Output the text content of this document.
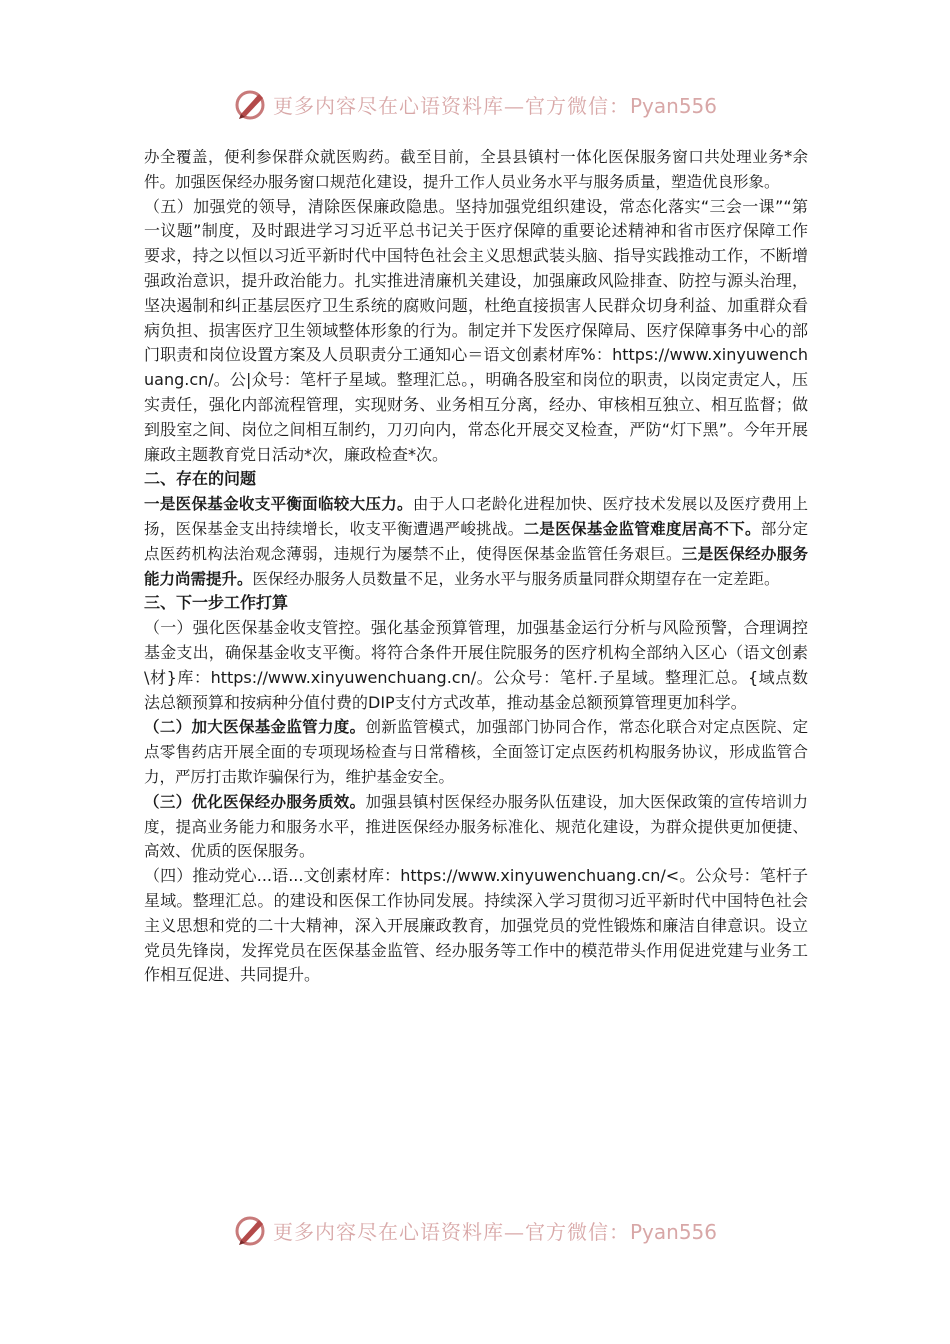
更多内容尽在心语资料库—官方微信：Pyan556

办全覆盖，便利参保群众就医购药。截至目前，全县县镇村一体化医保服务窗口共处理业务*余件。加强医保经办服务窗口规范化建设，提升工作人员业务水平与服务质量，塑造优良形象。

（五）加强党的领导，清除医保廉政隐患。坚持加强党组织建设，常态化落实“三会一课”“第一议题”制度，及时跟进学习习近平总书记关于医疗保障的重要论述精神和省市医疗保障工作要求，持之以恒以习近平新时代中国特色社会主义思想武装头脑、指导实践推动工作，不断增强政治意识，提升政治能力。扎实推进清廉机关建设，加强廉政风险排查、防控与源头治理，坚决遏制和纠正基层医疗卫生系统的腐败问题，杜绝直接损害人民群众切身利益、加重群众看病负担、损害医疗卫生领域整体形象的行为。制定并下发医疗保障局、医疗保障事务中心的部门职责和岗位设置方案及人员职责分工通知心＝语文创素材库%：https://www.xinyuwenchuang.cn/。公|众号：笔杆子星域。整理汇总。，明确各股室和岗位的职责，以岗定责定人，压实责任，强化内部流程管理，实现财务、业务相互分离，经办、审核相互独立、相互监督；做到股室之间、岗位之间相互制约，刀刃向内，常态化开展交叉检查，严防“灯下黑”。今年开展廉政主题教育党日活动*次，廉政检查*次。

二、存在的问题

一是医保基金收支平衡面临较大压力。由于人口老龄化进程加快、医疗技术发展以及医疗费用上扬，医保基金支出持续增长，收支平衡遭遇严峻挑战。二是医保基金监管难度居高不下。部分定点医药机构法治观念薄弱，违规行为屡禁不止，使得医保基金监管任务艰巨。三是医保经办服务能力尚需提升。医保经办服务人员数量不足，业务水平与服务质量同群众期望存在一定差距。

三、下一步工作打算

（一）强化医保基金收支管控。强化基金预算管理，加强基金运行分析与风险预警，合理调控基金支出，确保基金收支平衡。将符合条件开展住院服务的医疗机构全部纳入区心（语文创素\材}库：https://www.xinyuwenchuang.cn/。公众号：笔杆.子星域。整理汇总。{域点数法总额预算和按病种分值付费的DIP支付方式改革，推动基金总额预算管理更加科学。

（二）加大医保基金监管力度。创新监管模式，加强部门协同合作，常态化联合对定点医院、定点零售药店开展全面的专项现场检查与日常稽核，全面签订定点医药机构服务协议，形成监管合力，严厉打击欺诈骗保行为，维护基金安全。

（三）优化医保经办服务质效。加强县镇村医保经办服务队伍建设，加大医保政策的宣传培训力度，提高业务能力和服务水平，推进医保经办服务标准化、规范化建设，为群众提供更加便捷、高效、优质的医保服务。

（四）推动党心...语...文创素材库：https://www.xinyuwenchuang.cn/<。公众号：笔杆子星域。整理汇总。的建设和医保工作协同发展。持续深入学习贯彻习近平新时代中国特色社会主义思想和党的二十大精神，深入开展廉政教育，加强党员的党性锻炼和廉洁自律意识。设立党员先锋岗，发挥党员在医保基金监管、经办服务等工作中的模范带头作用促进党建与业务工作相互促进、共同提升。

更多内容尽在心语资料库—官方微信：Pyan556
